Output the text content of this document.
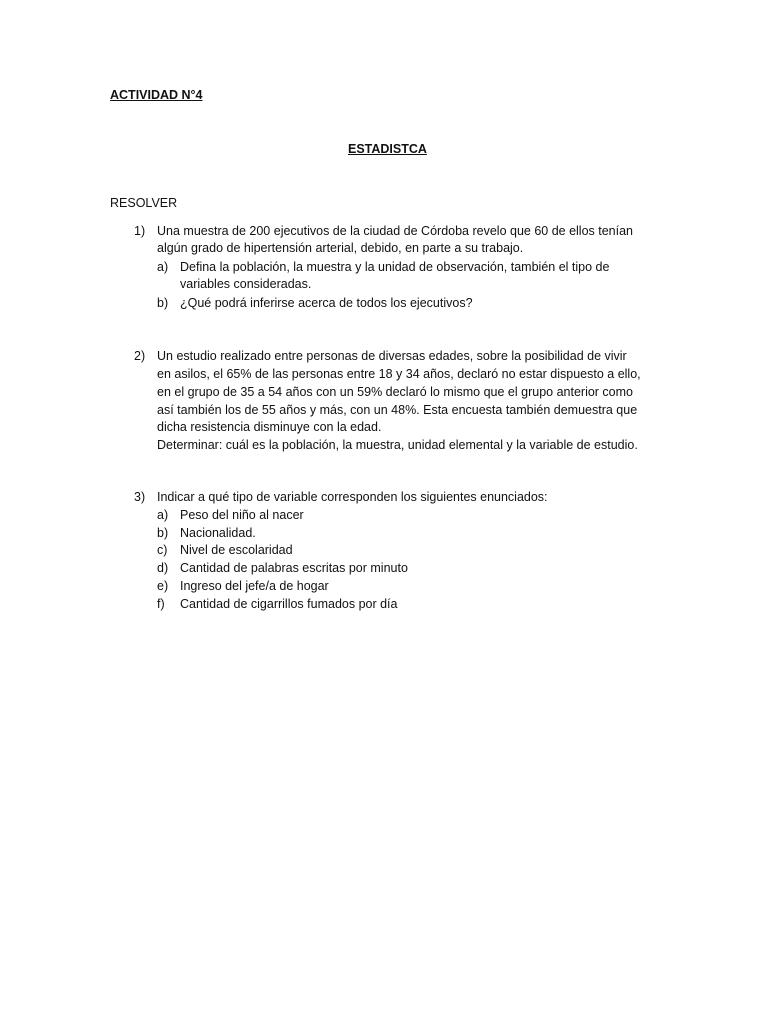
ACTIVIDAD N°4
ESTADISTCA
RESOLVER
1) Una muestra de 200 ejecutivos de la ciudad de Córdoba revelo que 60 de ellos tenían
algún grado de hipertensión arterial, debido, en parte a su trabajo.
a) Defina la población, la muestra y la unidad de observación, también el tipo de
variables consideradas.
b) ¿Qué podrá inferirse acerca de todos los ejecutivos?
2) Un estudio realizado entre personas de diversas edades, sobre la posibilidad de vivir
en asilos, el 65% de las personas entre 18 y 34 años, declaró no estar dispuesto a ello,
en el grupo de 35 a 54 años con un 59% declaró lo mismo que el grupo anterior como
así también los de 55 años y más, con un 48%. Esta encuesta también demuestra que
dicha resistencia disminuye con la edad.
Determinar: cuál es la población, la muestra, unidad elemental y la variable de estudio.
3) Indicar a qué tipo de variable corresponden los siguientes enunciados:
a) Peso del niño al nacer
b) Nacionalidad.
c) Nivel de escolaridad
d) Cantidad de palabras escritas por minuto
e) Ingreso del jefe/a de hogar
f) Cantidad de cigarrillos fumados por día
